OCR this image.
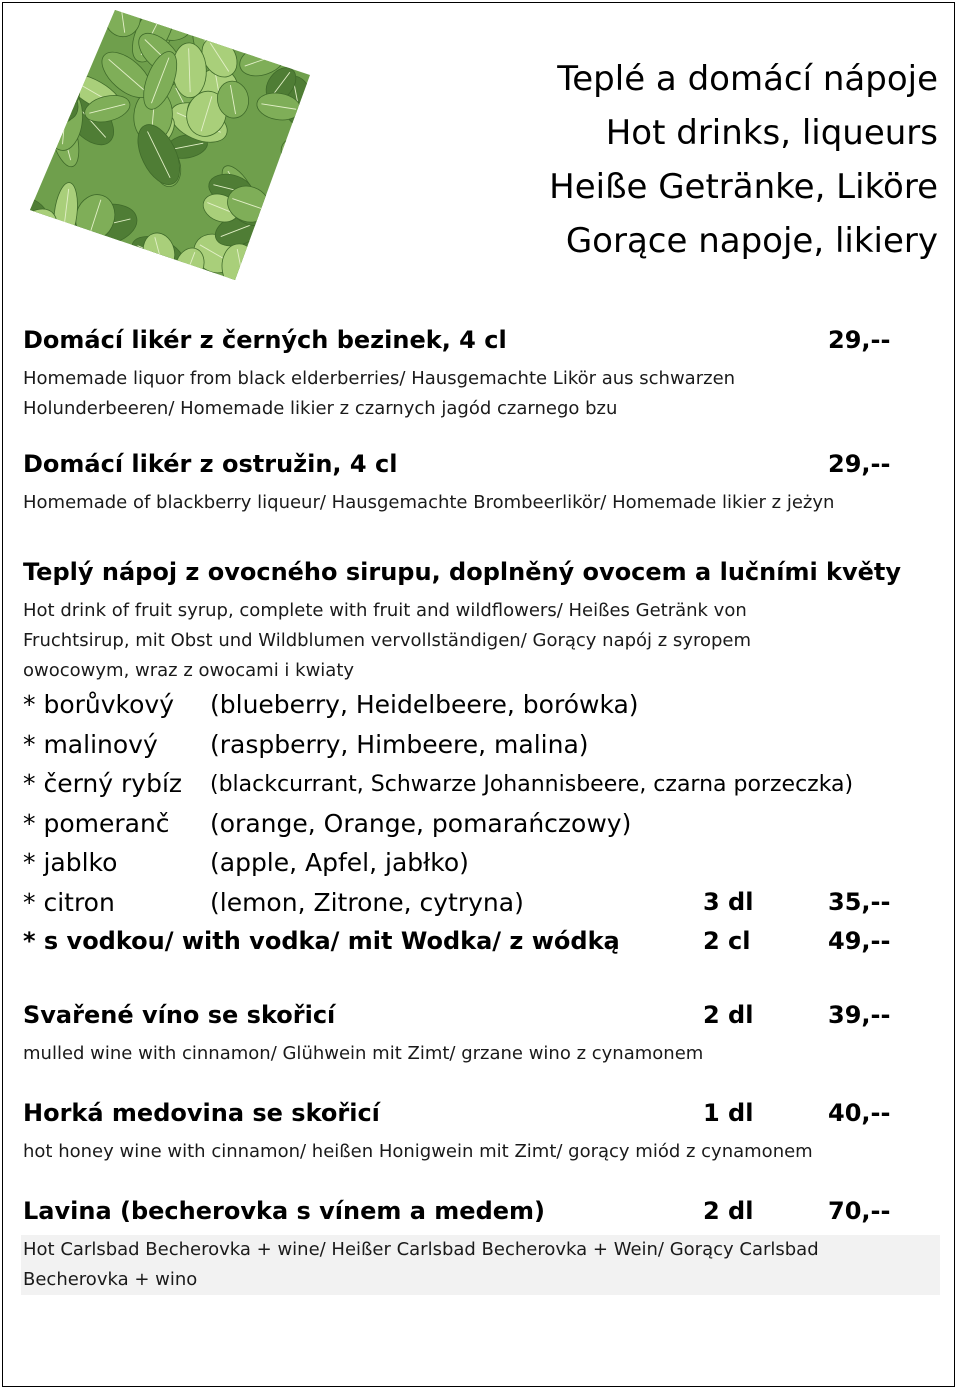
Teplé a domácí nápoje
Hot drinks, liqueurs
Heiße Getränke, Liköre
Gorące napoje, likiery
Domácí likér z černých bezinek, 4 cl	29,--
Homemade liquor from black elderberries/ Hausgemachte Likör aus schwarzen
Holunderbeeren/ Homemade likier z czarnych jagód czarnego bzu
Domácí likér z ostružin, 4 cl	29,--
Homemade of blackberry liqueur/ Hausgemachte Brombeerlikör/ Homemade likier z jeżyn
Teplý nápoj z ovocného sirupu, doplněný ovocem a lučními květy
Hot drink of fruit syrup, complete with fruit and wildflowers/ Heißes Getränk von
Fruchtsirup, mit Obst und Wildblumen vervollständigen/ Gorący napój z syropem
owocowym, wraz z owocami i kwiaty
* borůvkový (blueberry, Heidelbeere, borówka)
* malinový (raspberry, Himbeere, malina)
* černý rybíz (blackcurrant, Schwarze Johannisbeere, czarna porzeczka)
* pomeranč (orange, Orange, pomarańczowy)
* jablko	(apple, Apfel, jabłko)
* citron	(lemon, Zitrone, cytryna)	3 dl	35,--
* s vodkou/ with vodka/ mit Wodka/ z wódką	2 cl	49,--
Svařené víno se skořicí	2 dl	39,--
mulled wine with cinnamon/ Glühwein mit Zimt/ grzane wino z cynamonem
Horká medovina se skořicí	1 dl	40,--
hot honey wine with cinnamon/ heißen Honigwein mit Zimt/ gorący miód z cynamonem
Lavina (becherovka s vínem a medem)	2 dl	70,--
Hot Carlsbad Becherovka + wine/ Heißer Carlsbad Becherovka + Wein/ Gorący Carlsbad
Becherovka + wino
